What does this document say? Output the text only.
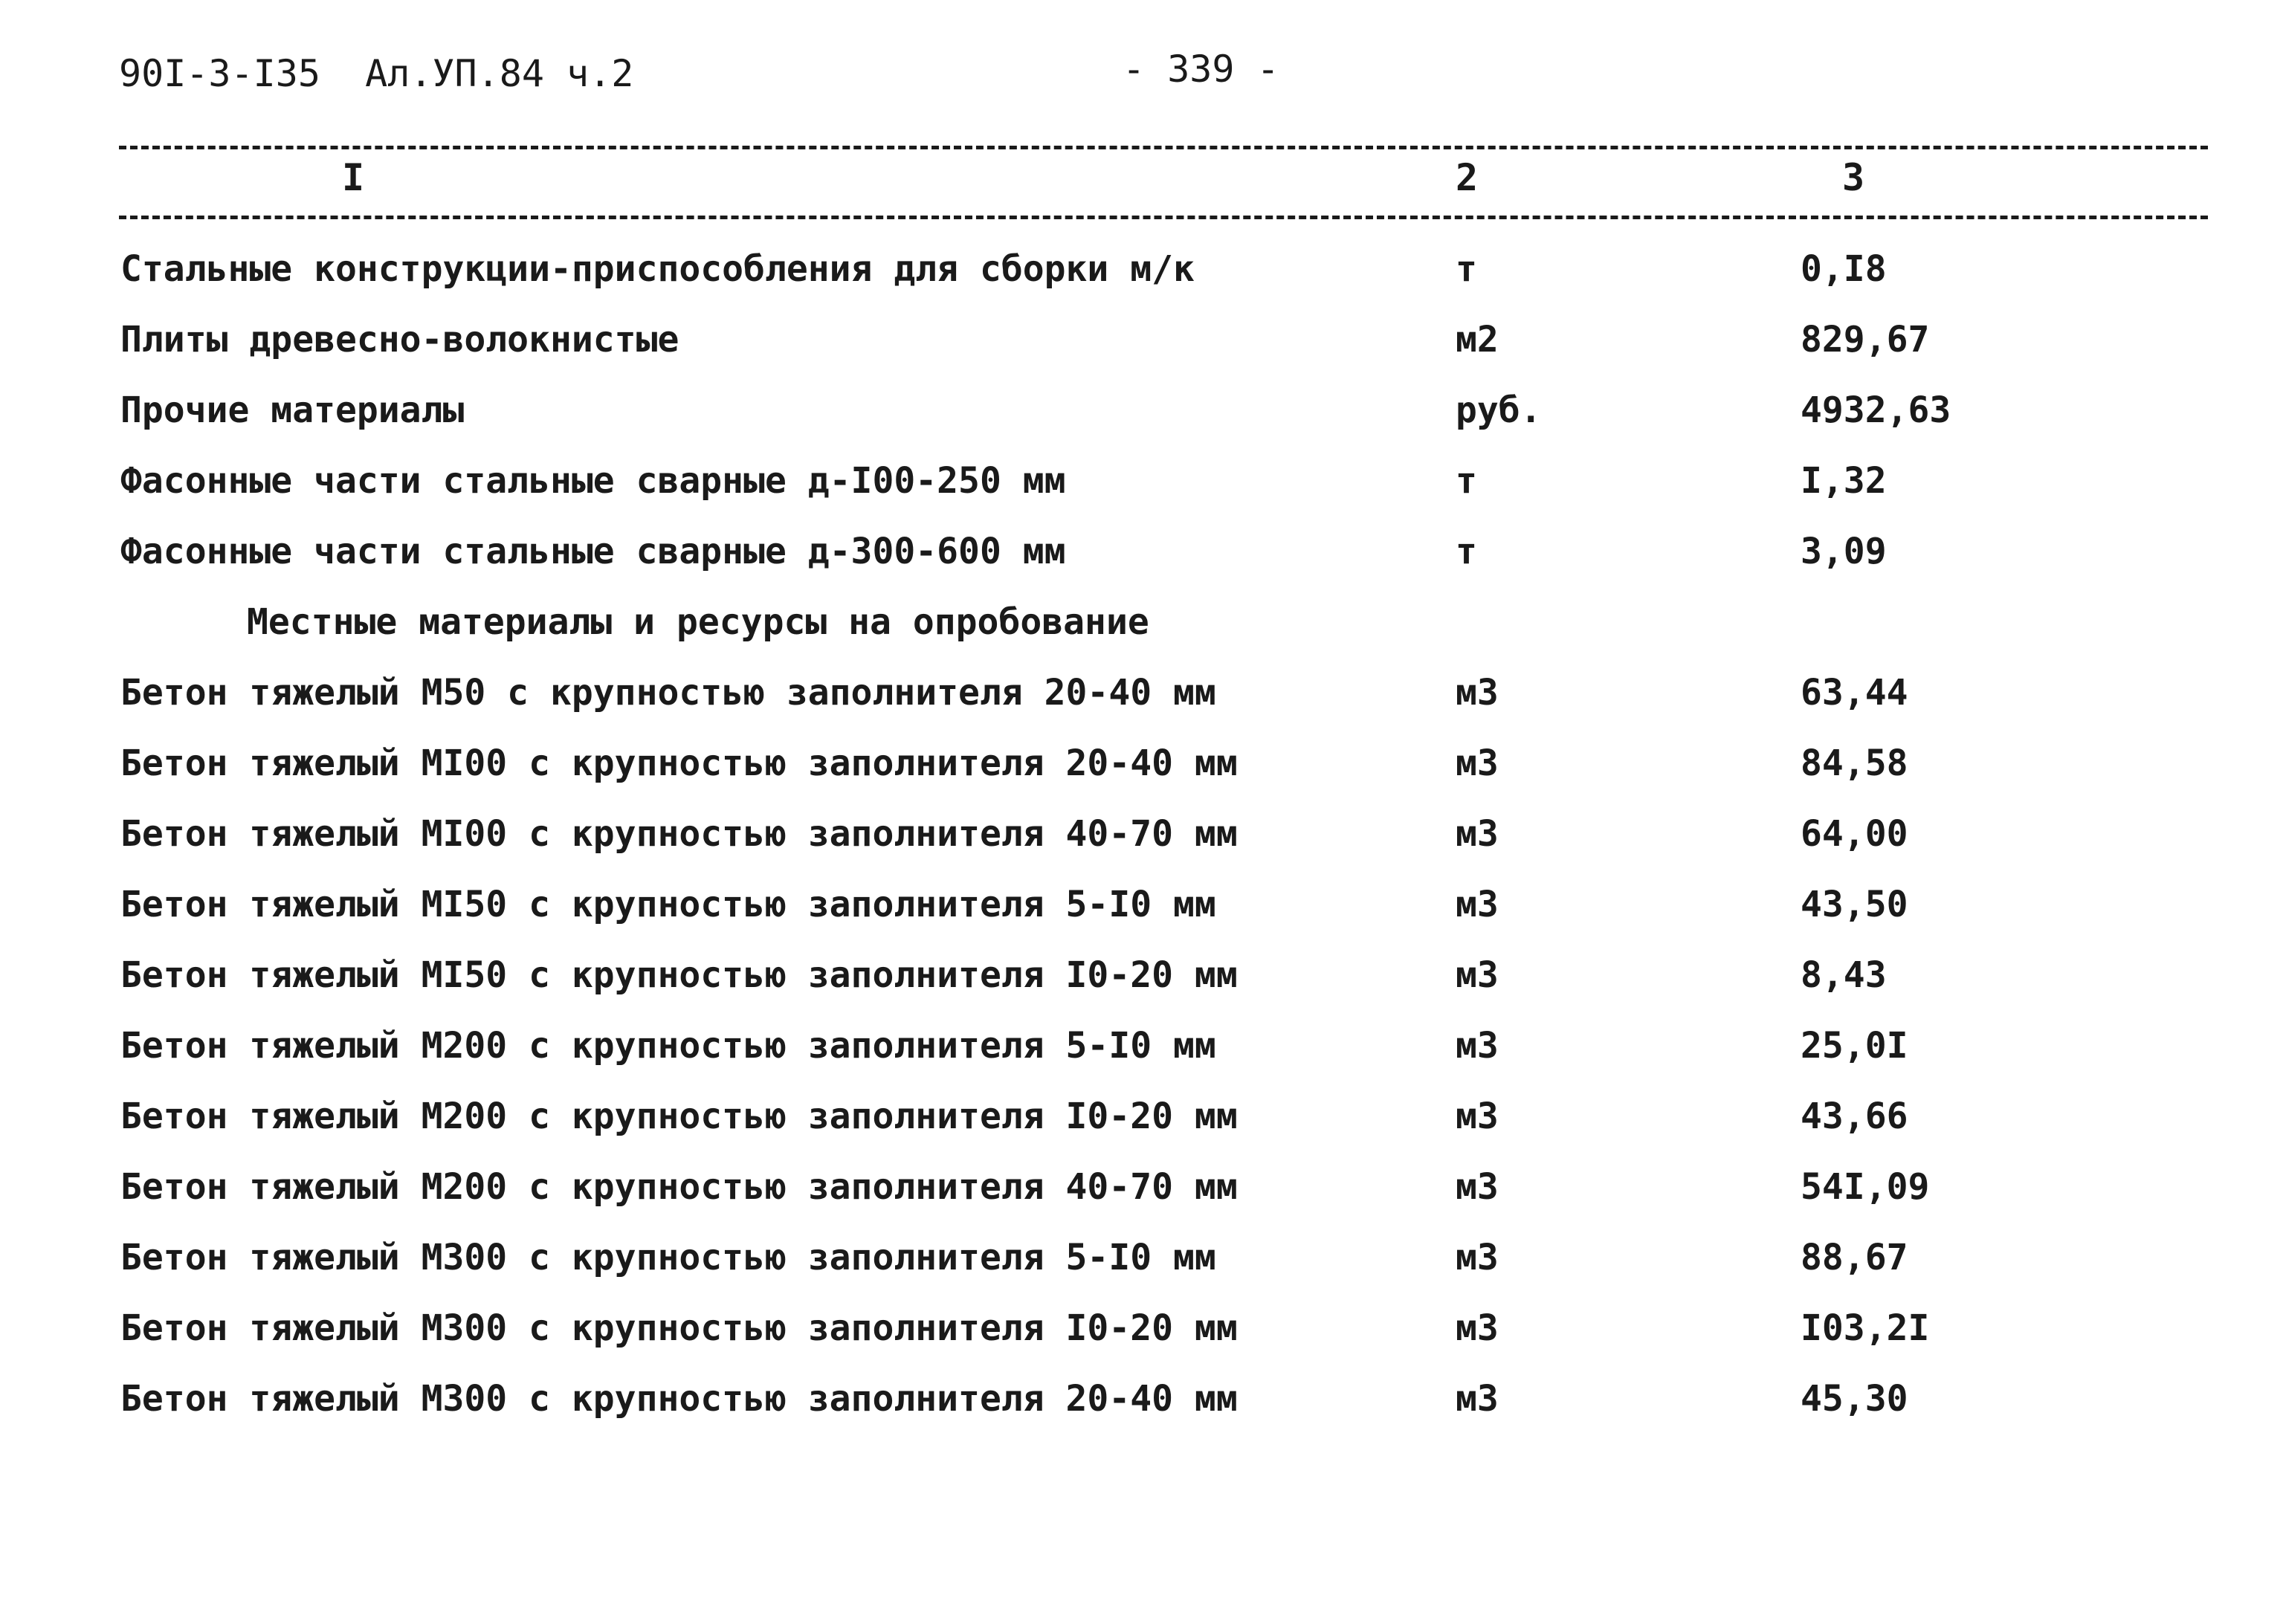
90I-3-I35  Ал.УП.84 ч.2	- 339 -
I	2	3
Стальные конструкции-приспособления для сборки м/к	т	0,I8
Плиты древесно-волокнистые	м2	829,67
Прочие материалы	руб.	4932,63
Фасонные части стальные сварные д-I00-250 мм	т	I,32
Фасонные части стальные сварные д-300-600 мм	т	3,09
Местные материалы и ресурсы на опробование
Бетон тяжелый М50 с крупностью заполнителя 20-40 мм	м3	63,44
Бетон тяжелый МI00 с крупностью заполнителя 20-40 мм	м3	84,58
Бетон тяжелый МI00 с крупностью заполнителя 40-70 мм	м3	64,00
Бетон тяжелый МI50 с крупностью заполнителя 5-I0 мм	м3	43,50
Бетон тяжелый МI50 с крупностью заполнителя I0-20 мм	м3	8,43
Бетон тяжелый М200 с крупностью заполнителя 5-I0 мм	м3	25,0I
Бетон тяжелый М200 с крупностью заполнителя I0-20 мм	м3	43,66
Бетон тяжелый М200 с крупностью заполнителя 40-70 мм	м3	54I,09
Бетон тяжелый М300 с крупностью заполнителя 5-I0 мм	м3	88,67
Бетон тяжелый М300 с крупностью заполнителя I0-20 мм	м3	I03,2I
Бетон тяжелый М300 с крупностью заполнителя 20-40 мм	м3	45,30
